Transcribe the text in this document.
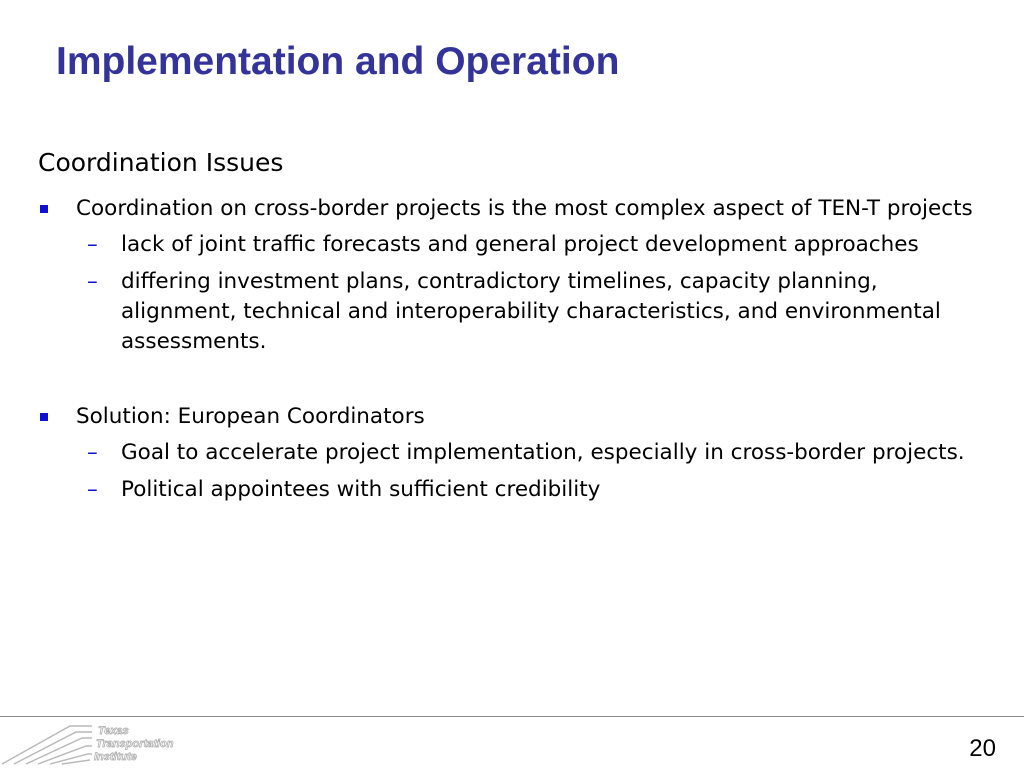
Implementation and Operation
Coordination Issues
Coordination on cross-border projects is the most complex aspect of TEN-T projects
– lack of joint traffic forecasts and general project development approaches
– differing investment plans, contradictory timelines, capacity planning, alignment, technical and interoperability characteristics, and environmental assessments.
Solution: European Coordinators
– Goal to accelerate project implementation, especially in cross-border projects.
– Political appointees with sufficient credibility
Texas
Transportation
Institute	20
